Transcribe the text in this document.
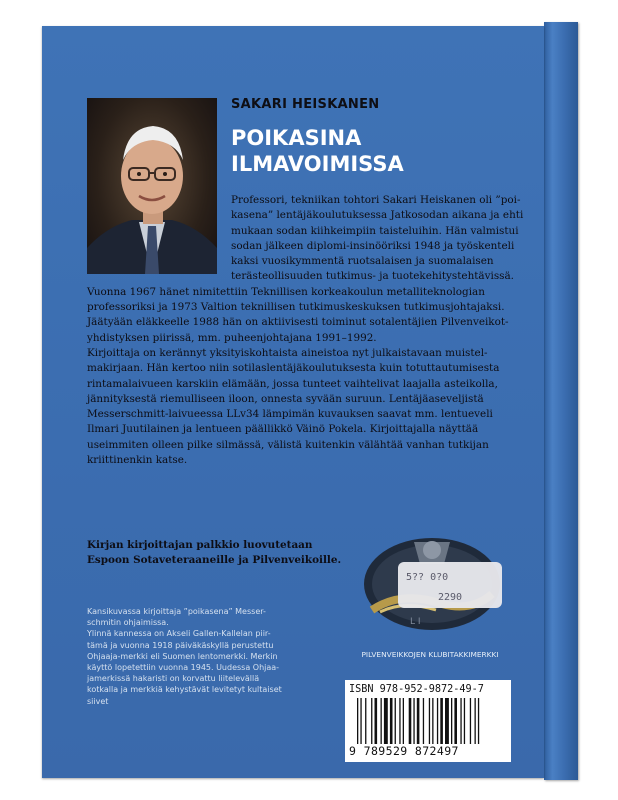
SAKARI HEISKANEN
POIKASINA
ILMAVOIMISSA

Professori, tekniikan tohtori Sakari Heiskanen oli ”poi-
kasena” lentäjäkoulutuksessa Jatkosodan aikana ja ehti
mukaan sodan kiihkeimpiin taisteluihin. Hän valmistui
sodan jälkeen diplomi-insinööriksi 1948 ja työskenteli
kaksi vuosikymmentä ruotsalaisen ja suomalaisen
terästeollisuuden tutkimus- ja tuotekehitystehtävissä.
Vuonna 1967 hänet nimitettiin Teknillisen korkeakoulun metalliteknologian
professoriksi ja 1973 Valtion teknillisen tutkimuskeskuksen tutkimusjohtajaksi.
Jäätyään eläkkeelle 1988 hän on aktiivisesti toiminut sotalentäjien Pilvenveikot-
yhdistyksen piirissä, mm. puheenjohtajana 1991–1992.

Kirjoittaja on kerännyt yksityiskohtaista aineistoa nyt julkaistavaan muistel-
makirjaan. Hän kertoo niin sotilaslentäjäkoulutuksesta kuin totuttautumisesta
rintamalaivueen karskiin elämään, jossa tunteet vaihtelivat laajalla asteikolla,
jännityksestä riemulliseen iloon, onnesta syvään suruun. Lentäjäaseveljistä
Messerschmitt-laivueessa LLv34 lämpimän kuvauksen saavat mm. lentueveli
Ilmari Juutilainen ja lentueen päällikkö Väinö Pokela. Kirjoittajalla näyttää
useimmiten olleen pilke silmässä, välistä kuitenkin välähtää vanhan tutkijan
kriittinenkin katse.

Kirjan kirjoittajan palkkio luovutetaan
Espoon Sotaveteraaneille ja Pilvenveikoille.
L I
5?? 0?0
2290
PILVENVEIKKOJEN KLUBITAKKIMERKKI
Kansikuvassa kirjoittaja ”poikasena” Messer-
schmitin ohjaimissa.
Ylinnä kannessa on Akseli Gallen-Kallelan piir-
tämä ja vuonna 1918 päiväkäskyllä perustettu
Ohjaaja-merkki eli Suomen lentomerkki. Merkin
käyttö lopetettiin vuonna 1945. Uudessa Ohjaa-
jamerkissä hakaristi on korvattu liitelevällä
kotkalla ja merkkiä kehystävät levitetyt kultaiset
siivet
ISBN 978-952-9872-49-7
9 789529 872497
